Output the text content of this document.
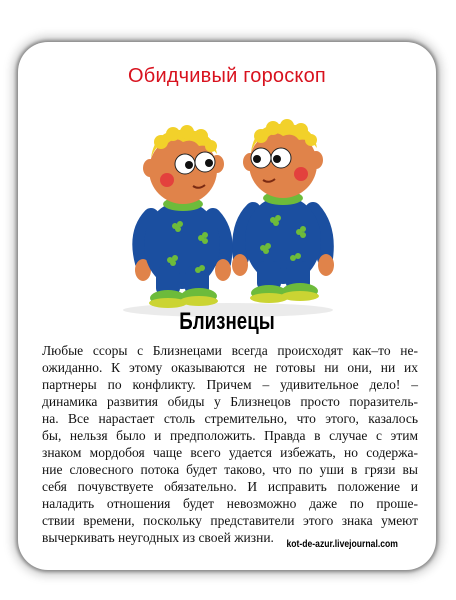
Обидчивый гороскоп
Близнецы
Любые ссоры с Близнецами всегда происходят как–то не-
ожиданно. К этому оказываются не готовы ни они, ни их
партнеры по конфликту. Причем – удивительное дело! –
динамика развития обиды у Близнецов просто поразитель-
на. Все нарастает столь стремительно, что этого, казалось
бы, нельзя было и предположить. Правда в случае с этим
знаком мордобоя чаще всего удается избежать, но содержа-
ние словесного потока будет таково, что по уши в грязи вы
себя почувствуете обязательно. И исправить положение и
наладить отношения будет невозможно даже по проше-
ствии времени, поскольку представители этого знака умеют
вычеркивать неугодных из своей жизни.	kot-de-azur.livejournal.com
